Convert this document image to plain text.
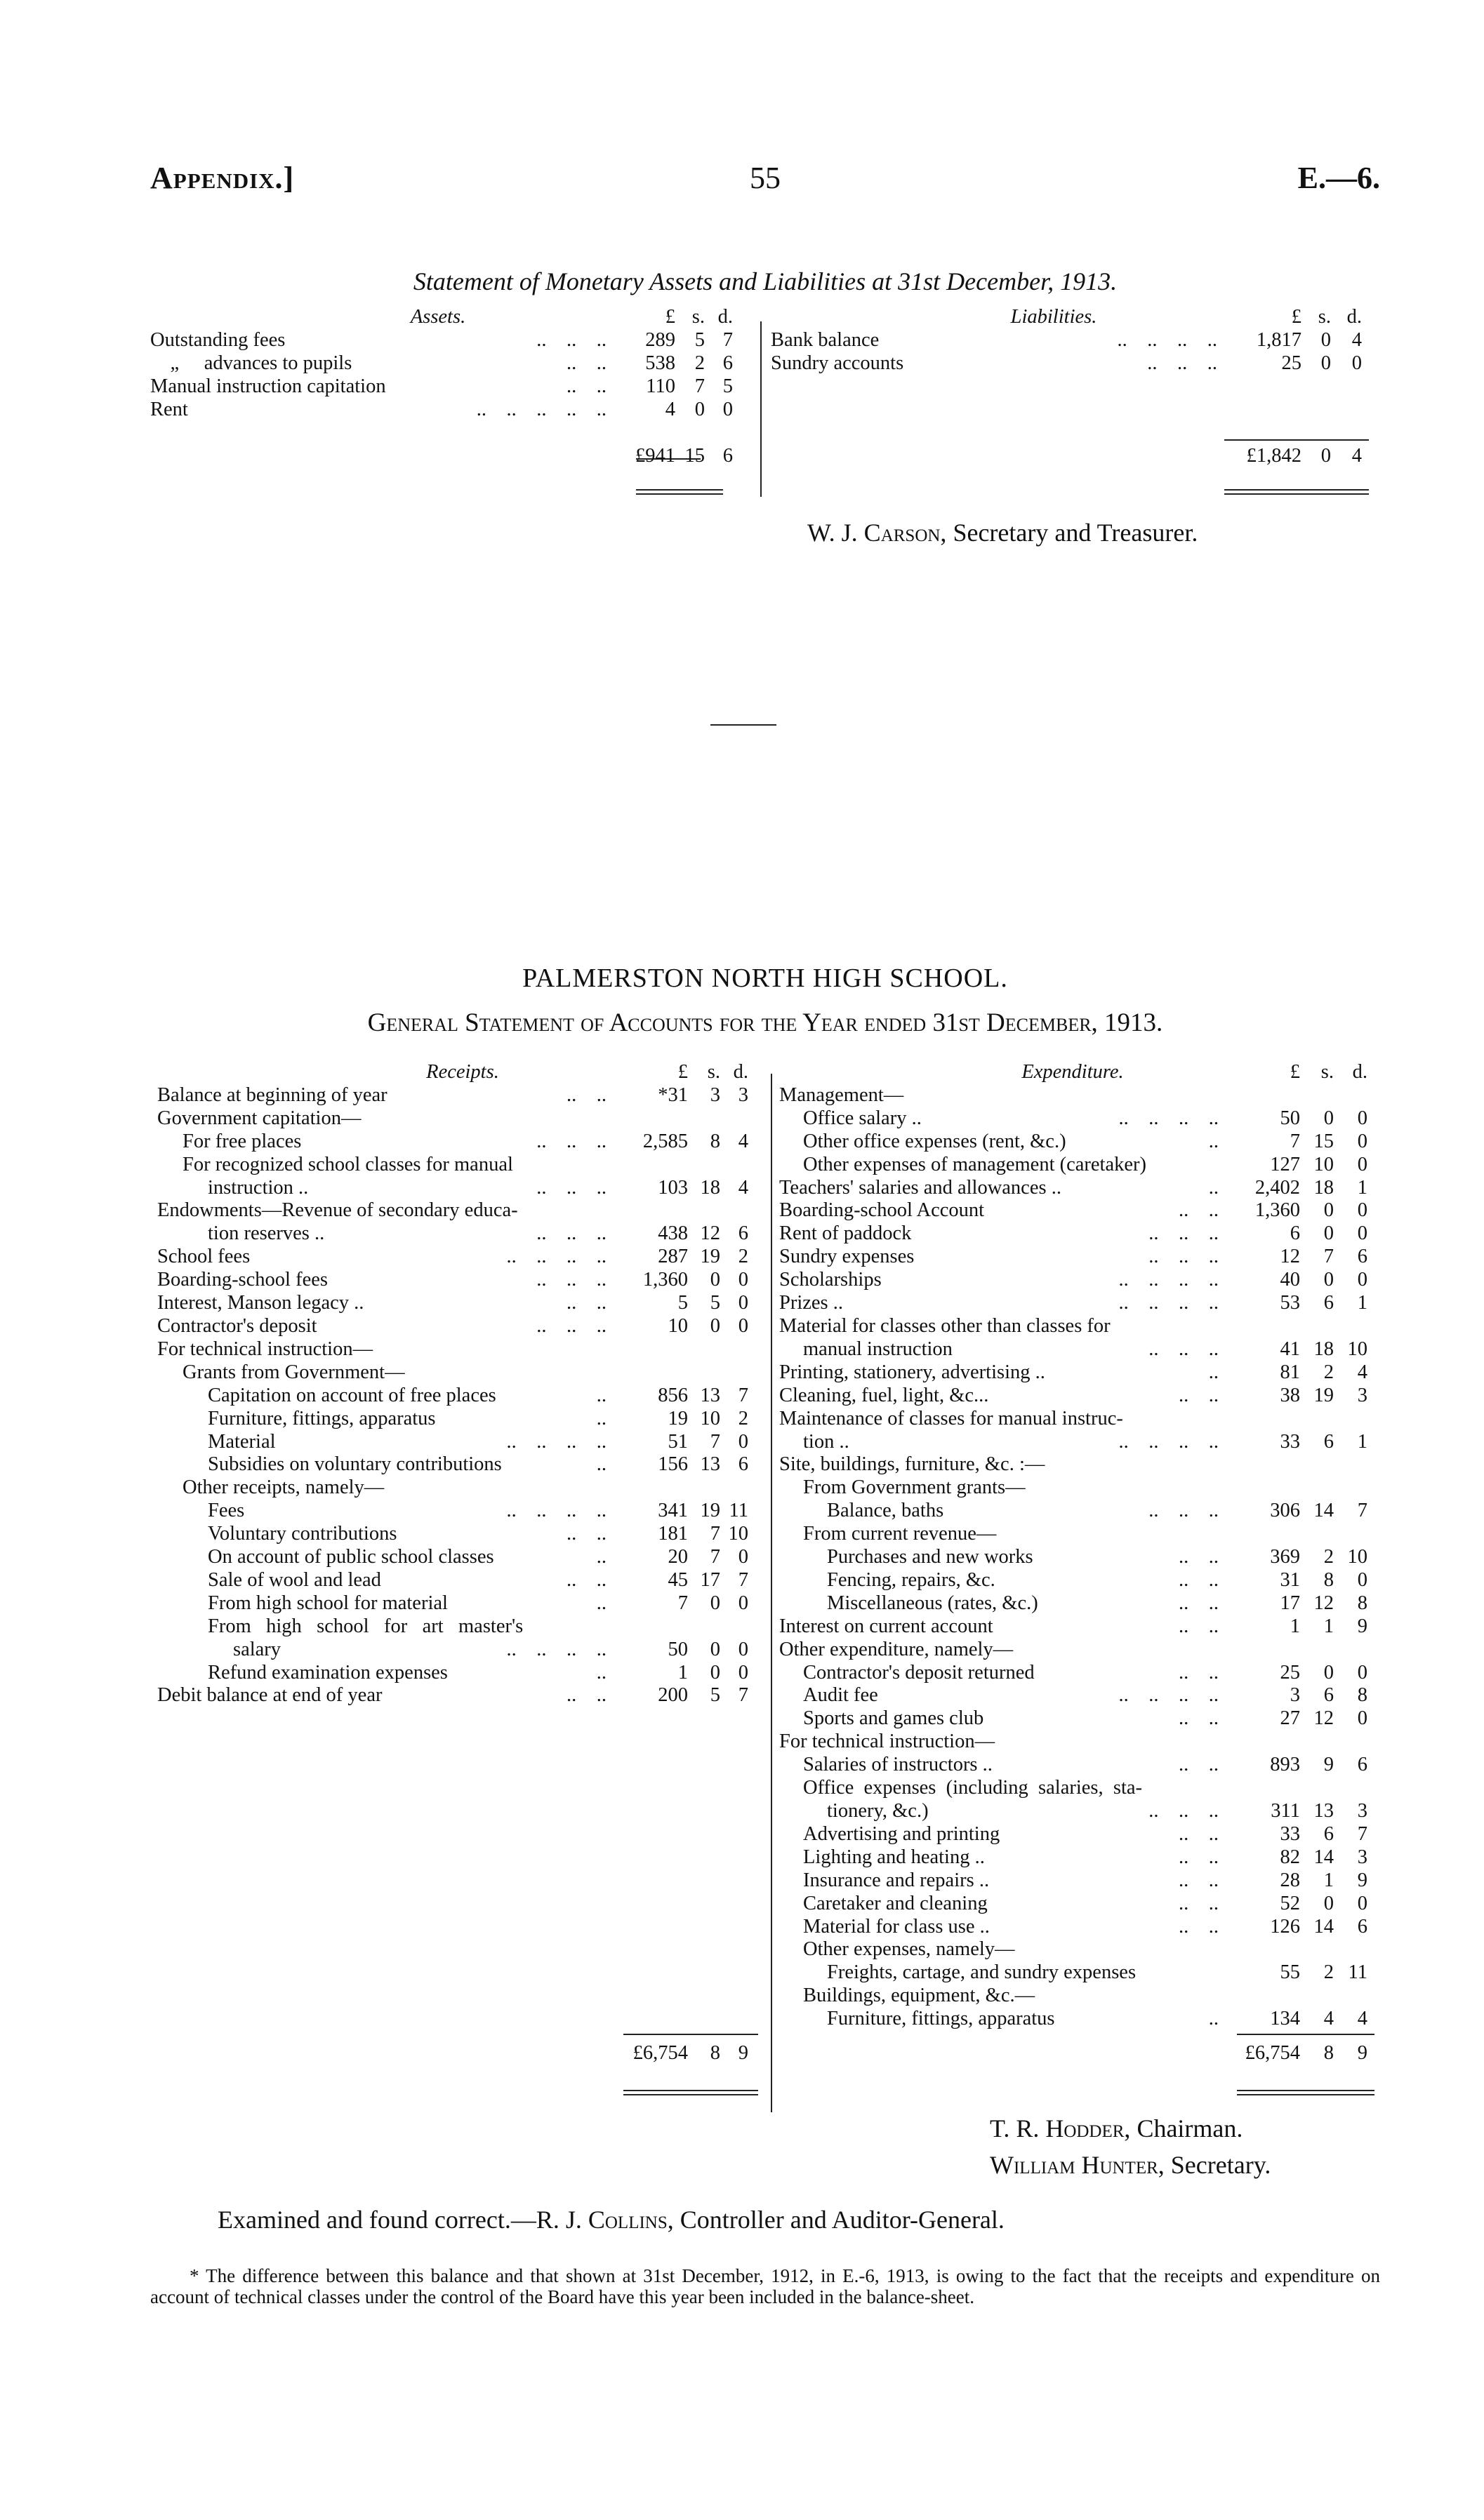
Appendix.]	55	E.—6.
Statement of Monetary Assets and Liabilities at 31st December, 1913.
Assets.	£	s.	d.
Outstanding fees ..    ..    ..	289	5	7
„     advances to pupils ..    ..	538	2	6
Manual instruction capitation ..    ..	110	7	5
Rent ..    ..    ..    ..    ..	4	0	0
	£941	15	6
Liabilities.	£	s.	d.
Bank balance ..    ..    ..    ..	1,817	0	4
Sundry accounts ..    ..    ..	25	0	0
	£1,842	0	4
W. J. Carson, Secretary and Treasurer.
PALMERSTON NORTH HIGH SCHOOL.
General Statement of Accounts for the Year ended 31st December, 1913.
Receipts.	£	s.	d.
Balance at beginning of year ..    ..	*31	3	3
Government capitation—			
For free places ..    ..    ..	2,585	8	4
For recognized school classes for manual			
instruction .. ..    ..    ..	103	18	4
Endowments—Revenue of secondary educa-			
tion reserves .. ..    ..    ..	438	12	6
School fees ..    ..    ..    ..	287	19	2
Boarding-school fees ..    ..    ..	1,360	0	0
Interest, Manson legacy .. ..    ..	5	5	0
Contractor's deposit ..    ..    ..	10	0	0
For technical instruction—			
Grants from Government—			
Capitation on account of free places ..	856	13	7
Furniture, fittings, apparatus ..	19	10	2
Material ..    ..    ..    ..	51	7	0
Subsidies on voluntary contributions ..	156	13	6
Other receipts, namely—			
Fees ..    ..    ..    ..	341	19	11
Voluntary contributions ..    ..	181	7	10
On account of public school classes ..	20	7	0
Sale of wool and lead ..    ..	45	17	7
From high school for material ..	7	0	0
From   high   school   for   art   master's			
salary ..    ..    ..    ..	50	0	0
Refund examination expenses ..	1	0	0
Debit balance at end of year ..    ..	200	5	7
	£6,754	8	9
Expenditure.	£	s.	d.
Management—			
Office salary .. ..    ..    ..    ..	50	0	0
Other office expenses (rent, &c.) ..	7	15	0
Other expenses of management (caretaker)	127	10	0
Teachers' salaries and allowances .. ..	2,402	18	1
Boarding-school Account ..    ..	1,360	0	0
Rent of paddock ..    ..    ..	6	0	0
Sundry expenses ..    ..    ..	12	7	6
Scholarships ..    ..    ..    ..	40	0	0
Prizes .. ..    ..    ..    ..	53	6	1
Material for classes other than classes for			
manual instruction ..    ..    ..	41	18	10
Printing, stationery, advertising .. ..	81	2	4
Cleaning, fuel, light, &c... ..    ..	38	19	3
Maintenance of classes for manual instruc-			
tion .. ..    ..    ..    ..	33	6	1
Site, buildings, furniture, &c. :—			
From Government grants—			
Balance, baths ..    ..    ..	306	14	7
From current revenue—			
Purchases and new works ..    ..	369	2	10
Fencing, repairs, &c. ..    ..	31	8	0
Miscellaneous (rates, &c.) ..    ..	17	12	8
Interest on current account ..    ..	1	1	9
Other expenditure, namely—			
Contractor's deposit returned ..    ..	25	0	0
Audit fee ..    ..    ..    ..	3	6	8
Sports and games club ..    ..	27	12	0
For technical instruction—			
Salaries of instructors .. ..    ..	893	9	6
Office  expenses  (including  salaries,  sta-			
tionery, &c.) ..    ..    ..	311	13	3
Advertising and printing ..    ..	33	6	7
Lighting and heating .. ..    ..	82	14	3
Insurance and repairs .. ..    ..	28	1	9
Caretaker and cleaning ..    ..	52	0	0
Material for class use .. ..    ..	126	14	6
Other expenses, namely—			
Freights, cartage, and sundry expenses	55	2	11
Buildings, equipment, &c.—			
Furniture, fittings, apparatus ..	134	4	4
	£6,754	8	9
T. R. Hodder, Chairman.
William Hunter, Secretary.
Examined and found correct.—R. J. Collins, Controller and Auditor-General.
* The difference between this balance and that shown at 31st December, 1912, in E.-6, 1913, is owing to the fact that the receipts and expenditure on account of technical classes under the control of the Board have this year been included in the balance-sheet.
